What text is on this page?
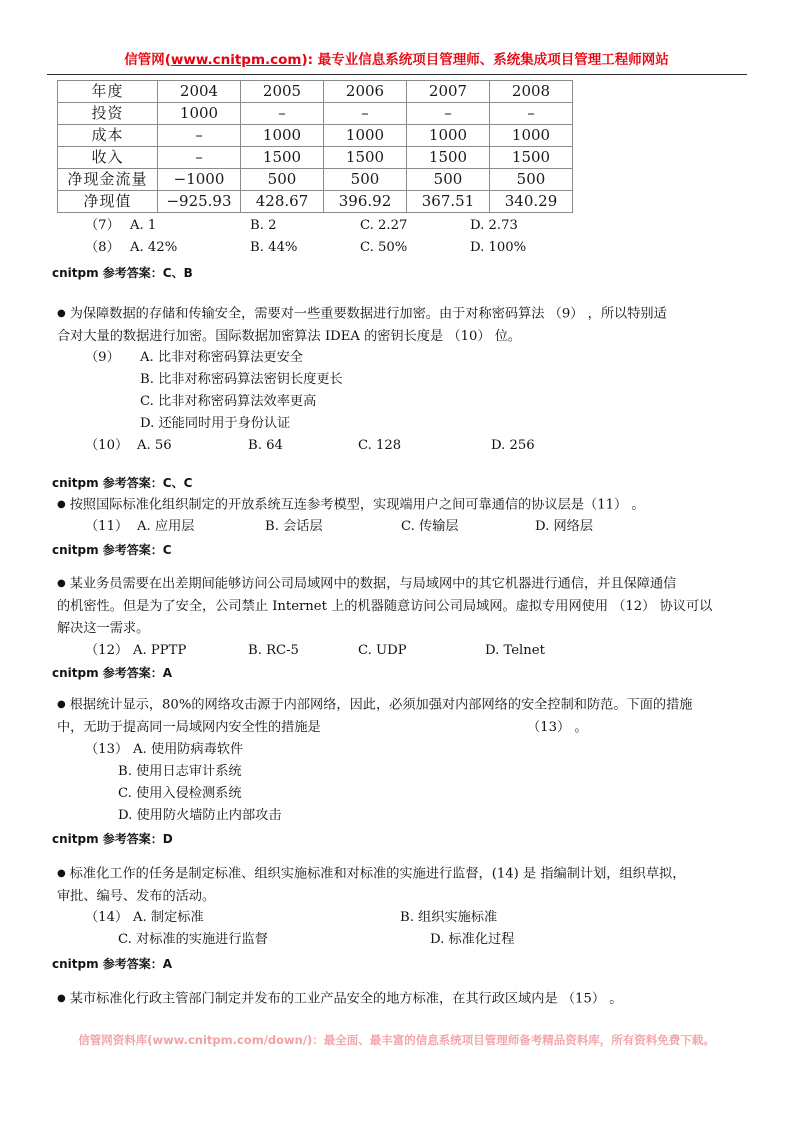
信管网(www.cnitpm.com): 最专业信息系统项目管理师、系统集成项目管理工程师网站
年度	2004	2005	2006	2007	2008
投资	1000	–	–	–	–
成本	–	1000	1000	1000	1000
收入	–	1500	1500	1500	1500
净现金流量	−1000	500	500	500	500
净现值	−925.93	428.67	396.92	367.51	340.29
（7） A. 1	B. 2	C. 2.27	D. 2.73
（8） A. 42%	B. 44%	C. 50%	D. 100%
cnitpm 参考答案：C、B
● 为保障数据的存储和传输安全，需要对一些重要数据进行加密。由于对称密码算法 （9） ，所以特别适
合对大量的数据进行加密。国际数据加密算法 IDEA 的密钥长度是 （10） 位。
（9） A. 比非对称密码算法更安全
B. 比非对称密码算法密钥长度更长
C. 比非对称密码算法效率更高
D. 还能同时用于身份认证
（10） A. 56	B. 64	C. 128	D. 256
cnitpm 参考答案：C、C
● 按照国际标准化组织制定的开放系统互连参考模型，实现端用户之间可靠通信的协议层是（11） 。
（11） A. 应用层	B. 会话层	C. 传输层	D. 网络层
cnitpm 参考答案：C
● 某业务员需要在出差期间能够访问公司局域网中的数据，与局域网中的其它机器进行通信，并且保障通信
的机密性。但是为了安全，公司禁止 Internet 上的机器随意访问公司局域网。虚拟专用网使用 （12） 协议可以
解决这一需求。
（12） A. PPTP	B. RC-5	C. UDP	D. Telnet
cnitpm 参考答案：A
● 根据统计显示，80%的网络攻击源于内部网络，因此，必须加强对内部网络的安全控制和防范。下面的措施
中，无助于提高同一局域网内安全性的措施是	（13） 。
（13） A. 使用防病毒软件
B. 使用日志审计系统
C. 使用入侵检测系统
D. 使用防火墙防止内部攻击
cnitpm 参考答案：D
● 标准化工作的任务是制定标准、组织实施标准和对标准的实施进行监督，(14) 是 指编制计划，组织草拟，
审批、编号、发布的活动。
（14） A. 制定标准	B. 组织实施标准
C. 对标准的实施进行监督	D. 标准化过程
cnitpm 参考答案：A
● 某市标准化行政主管部门制定并发布的工业产品安全的地方标准，在其行政区域内是 （15） 。
信管网资料库(www.cnitpm.com/down/)：最全面、最丰富的信息系统项目管理师备考精品资料库，所有资料免费下载。
